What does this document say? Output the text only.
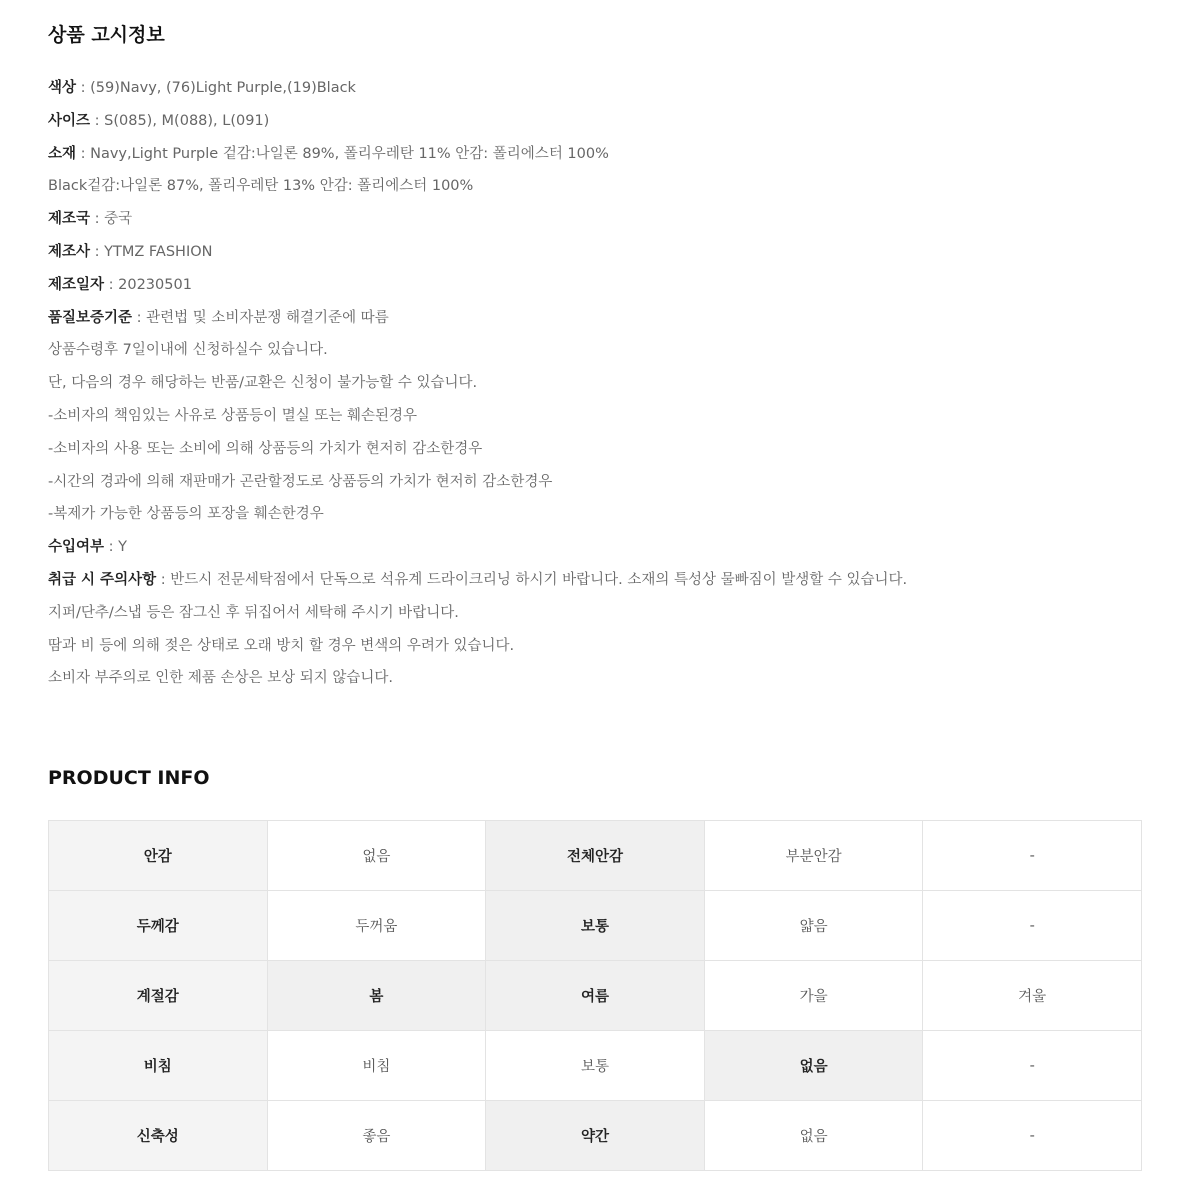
상품 고시정보
색상 : (59)Navy, (76)Light Purple,(19)Black
사이즈 : S(085), M(088), L(091)
소재 : Navy,Light Purple 겉감:나일론 89%, 폴리우레탄 11% 안감: 폴리에스터 100%
Black겉감:나일론 87%, 폴리우레탄 13% 안감: 폴리에스터 100%
제조국 : 중국
제조사 : YTMZ FASHION
제조일자 : 20230501
품질보증기준 : 관련법 및 소비자분쟁 해결기준에 따름
상품수령후 7일이내에 신청하실수 있습니다.
단, 다음의 경우 해당하는 반품/교환은 신청이 불가능할 수 있습니다.
-소비자의 책임있는 사유로 상품등이 멸실 또는 훼손된경우
-소비자의 사용 또는 소비에 의해 상품등의 가치가 현저히 감소한경우
-시간의 경과에 의해 재판매가 곤란할정도로 상품등의 가치가 현저히 감소한경우
-복제가 가능한 상품등의 포장을 훼손한경우
수입여부 : Y
취급 시 주의사항 : 반드시 전문세탁점에서 단독으로 석유계 드라이크리닝 하시기 바랍니다. 소재의 특성상 물빠짐이 발생할 수 있습니다.
지퍼/단추/스냅 등은 잠그신 후 뒤집어서 세탁해 주시기 바랍니다.
땀과 비 등에 의해 젖은 상태로 오래 방치 할 경우 변색의 우려가 있습니다.
소비자 부주의로 인한 제품 손상은 보상 되지 않습니다.
PRODUCT INFO
안감	없음	전체안감	부분안감	-
두께감	두꺼움	보통	얇음	-
계절감	봄	여름	가을	겨울
비침	비침	보통	없음	-
신축성	좋음	약간	없음	-
